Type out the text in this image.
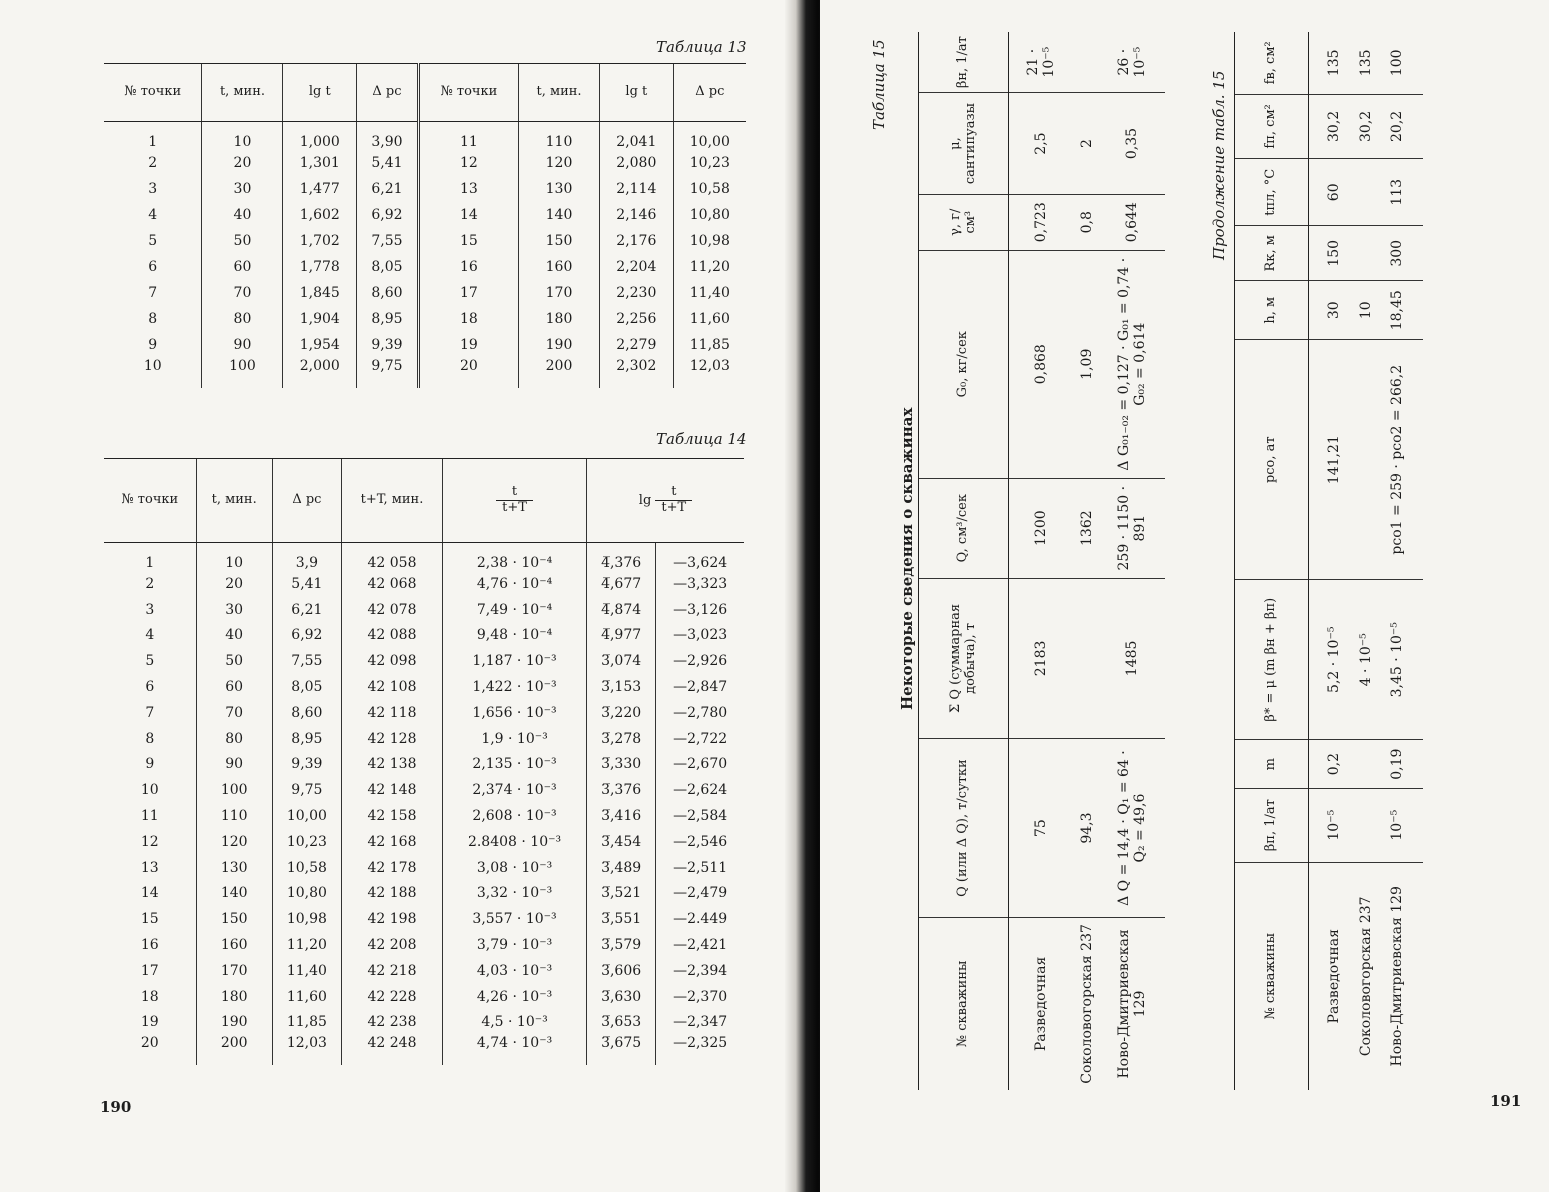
Таблица 13
№ точки	t, мин.	lg t	Δ pc	№ точки	t, мин.	lg t	Δ pc
1	10	1,000	3,90	11	110	2,041	10,00
2	20	1,301	5,41	12	120	2,080	10,23
3	30	1,477	6,21	13	130	2,114	10,58
4	40	1,602	6,92	14	140	2,146	10,80
5	50	1,702	7,55	15	150	2,176	10,98
6	60	1,778	8,05	16	160	2,204	11,20
7	70	1,845	8,60	17	170	2,230	11,40
8	80	1,904	8,95	18	180	2,256	11,60
9	90	1,954	9,39	19	190	2,279	11,85
10	100	2,000	9,75	20	200	2,302	12,03
Таблица 14
№ точки	t, мин.	Δ pc	t+T, мин.	$\frac{t}{t+T}$	$\lg \frac{t}{t+T}$

1	10	3,9	42 058	2,38 · 10⁻⁴	4̅,376	—3,624
2	20	5,41	42 068	4,76 · 10⁻⁴	4̅,677	—3,323
3	30	6,21	42 078	7,49 · 10⁻⁴	4̅,874	—3,126
4	40	6,92	42 088	9,48 · 10⁻⁴	4̅,977	—3,023
5	50	7,55	42 098	1,187 · 10⁻³	3̅,074	—2,926
6	60	8,05	42 108	1,422 · 10⁻³	3̅,153	—2,847
7	70	8,60	42 118	1,656 · 10⁻³	3̅,220	—2,780
8	80	8,95	42 128	1,9 · 10⁻³	3̅,278	—2,722
9	90	9,39	42 138	2,135 · 10⁻³	3̅,330	—2,670
10	100	9,75	42 148	2,374 · 10⁻³	3̅,376	—2,624
11	110	10,00	42 158	2,608 · 10⁻³	3̅,416	—2,584
12	120	10,23	42 168	2.8408 · 10⁻³	3̅,454	—2,546
13	130	10,58	42 178	3,08 · 10⁻³	3̅,489	—2,511
14	140	10,80	42 188	3,32 · 10⁻³	3̅,521	—2,479
15	150	10,98	42 198	3,557 · 10⁻³	3̅,551	—2.449
16	160	11,20	42 208	3,79 · 10⁻³	3̅,579	—2,421
17	170	11,40	42 218	4,03 · 10⁻³	3̅,606	—2,394
18	180	11,60	42 228	4,26 · 10⁻³	3̅,630	—2,370
19	190	11,85	42 238	4,5 · 10⁻³	3̅,653	—2,347
20	200	12,03	42 248	4,74 · 10⁻³	3̅,675	—2,325
190
Таблица 15
Некоторые сведения о скважинах
№ скважины	Q (или Δ Q), т/сутки	Σ Q (суммарная добыча), т	Q, см³/сек	G₀, кг/сек	γ, г/см³	μ, сантипуазы	βн, 1/ат
Разведочная	75	2183	1200	0,868	0,723	2,5	21 · 10⁻⁵
Соколовогорская 237	94,3		1362	1,09	0,8	2	
Ново-Дмитриевская 129	Δ Q = 14,4 · Q₁ = 64 · Q₂ = 49,6	1485	259 · 1150 · 891	Δ G₀₁₋₀₂ = 0,127 · G₀₁ = 0,74 · G₀₂ = 0,614	0,644	0,35	26 · 10⁻⁵
Продолжение табл. 15
№ скважины	βп, 1/ат	m	β* = μ (m βн + βп)	pco, ат	h, м	Rк, м	tпл, °C	fп, см²	fв, см²
Разведочная	10⁻⁵	0,2	5,2 · 10⁻⁵	141,21	30	150	60	30,2	135
Соколовогорская 237			4 · 10⁻⁵		10			30,2	135
Ново-Дмитриевская 129	10⁻⁵	0,19	3,45 · 10⁻⁵	pco1 = 259 · pco2 = 266,2	18,45	300	113	20,2	100
191
